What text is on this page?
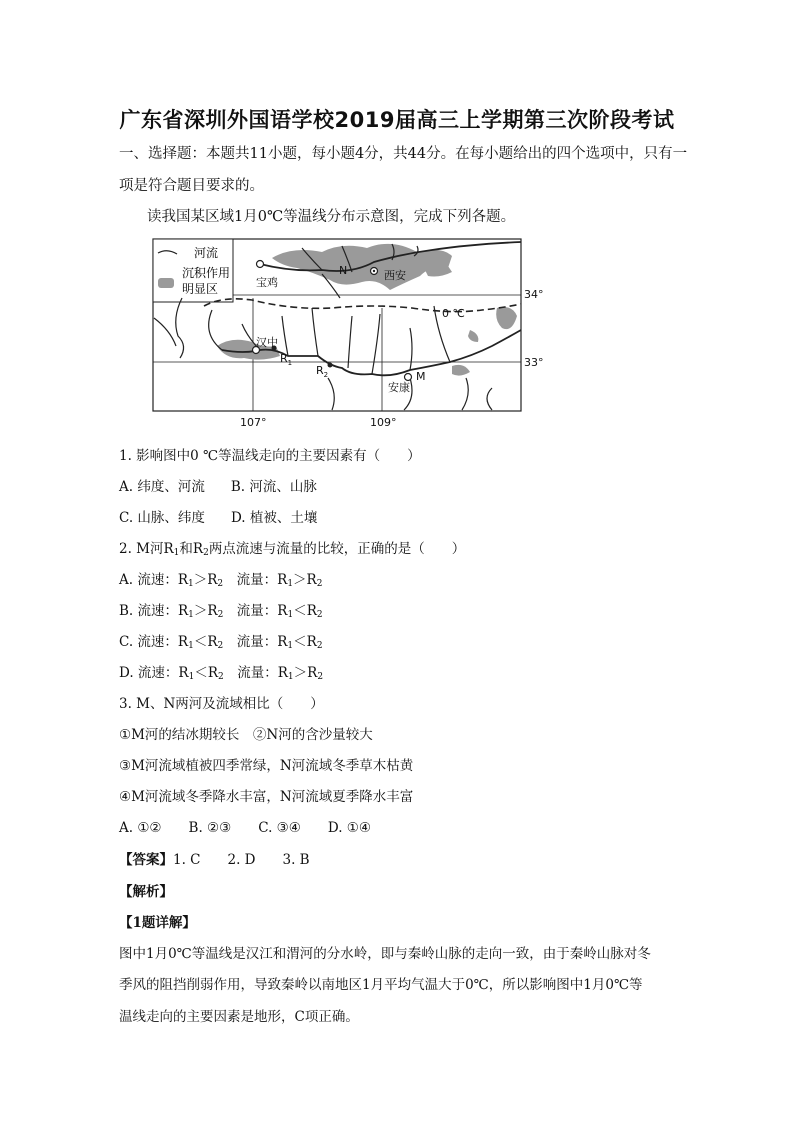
广东省深圳外国语学校2019届高三上学期第三次阶段考试
一、选择题：本题共11小题，每小题4分，共44分。在每小题给出的四个选项中，只有一
项是符合题目要求的。
读我国某区域1月0℃等温线分布示意图，完成下列各题。
河流
沉积作用
明显区	宝鸡
西安
N
汉中
$R_1$
$R_2$
安康
M
0 ℃
34°
33°
107°	109°
1. 影响图中0 ℃等温线走向的主要因素有（　　）
A. 纬度、河流 B. 河流、山脉
C. 山脉、纬度 D. 植被、土壤
2. M河$R_1$和$R_2$两点流速与流量的比较，正确的是（　　）
A. 流速：$R_1>R_2$　流量：$R_1>R_2$
B. 流速：$R_1>R_2$　流量：$R_1<R_2$
C. 流速：$R_1<R_2$　流量：$R_1<R_2$
D. 流速：$R_1<R_2$　流量：$R_1>R_2$
3. M、N两河及流域相比（　　）
①M河的结冰期较长　②N河的含沙量较大
③M河流域植被四季常绿，N河流域冬季草木枯黄
④M河流域冬季降水丰富，N河流域夏季降水丰富
A. ①②　　B. ②③　　C. ③④　　D. ①④
【答案】1. C　　2. D　　3. B
【解析】
【1题详解】
图中1月0℃等温线是汉江和渭河的分水岭，即与秦岭山脉的走向一致，由于秦岭山脉对冬
季风的阻挡削弱作用，导致秦岭以南地区1月平均气温大于0℃，所以影响图中1月0℃等
温线走向的主要因素是地形，C项正确。
